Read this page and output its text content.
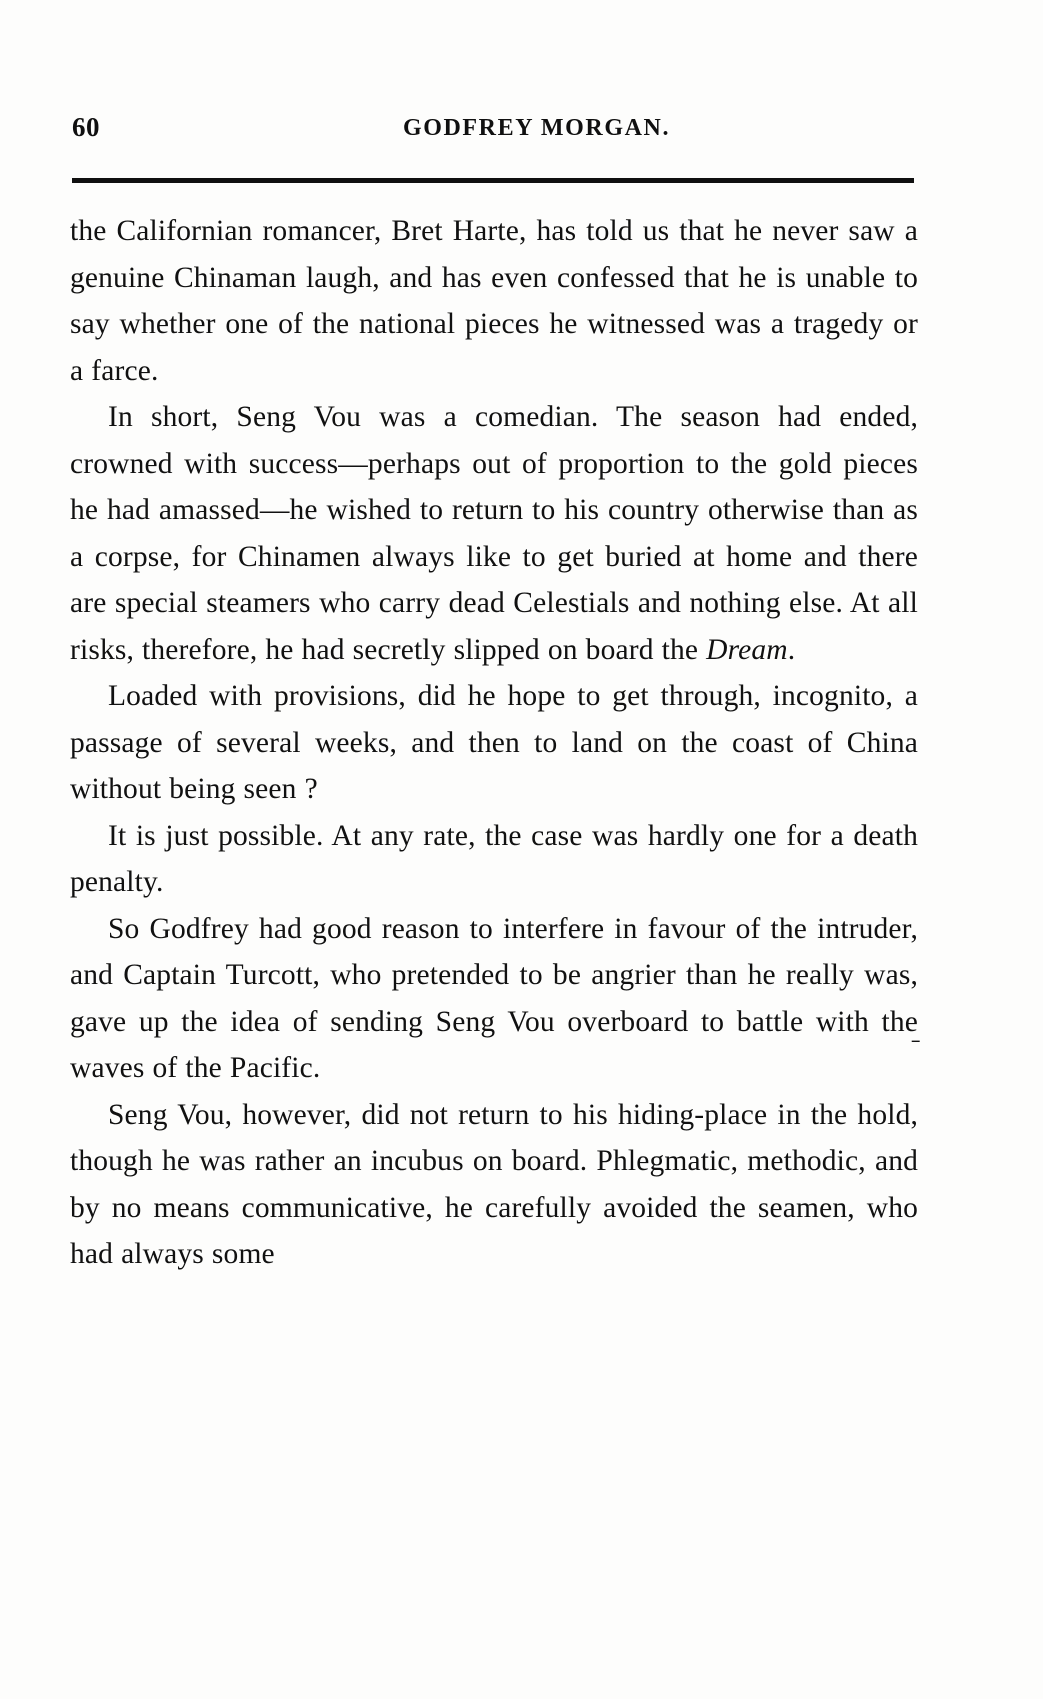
60	GODFREY MORGAN.

the Californian romancer, Bret Harte, has told us that he never saw a genuine Chinaman laugh, and has even confessed that he is unable to say whether one of the national pieces he witnessed was a tragedy or a farce.

In short, Seng Vou was a comedian. The season had ended, crowned with success—perhaps out of proportion to the gold pieces he had amassed—he wished to return to his country otherwise than as a corpse, for Chinamen always like to get buried at home and there are special steamers who carry dead Celestials and nothing else. At all risks, therefore, he had secretly slipped on board the Dream.

Loaded with provisions, did he hope to get through, incognito, a passage of several weeks, and then to land on the coast of China without being seen ?

It is just possible. At any rate, the case was hardly one for a death penalty.

So Godfrey had good reason to interfere in favour of the intruder, and Captain Turcott, who pretended to be angrier than he really was, gave up the idea of sending Seng Vou overboard to battle with the waves of the Pacific.

Seng Vou, however, did not return to his hiding-place in the hold, though he was rather an incubus on board. Phlegmatic, methodic, and by no means communicative, he carefully avoided the seamen, who had always some

ˉ
